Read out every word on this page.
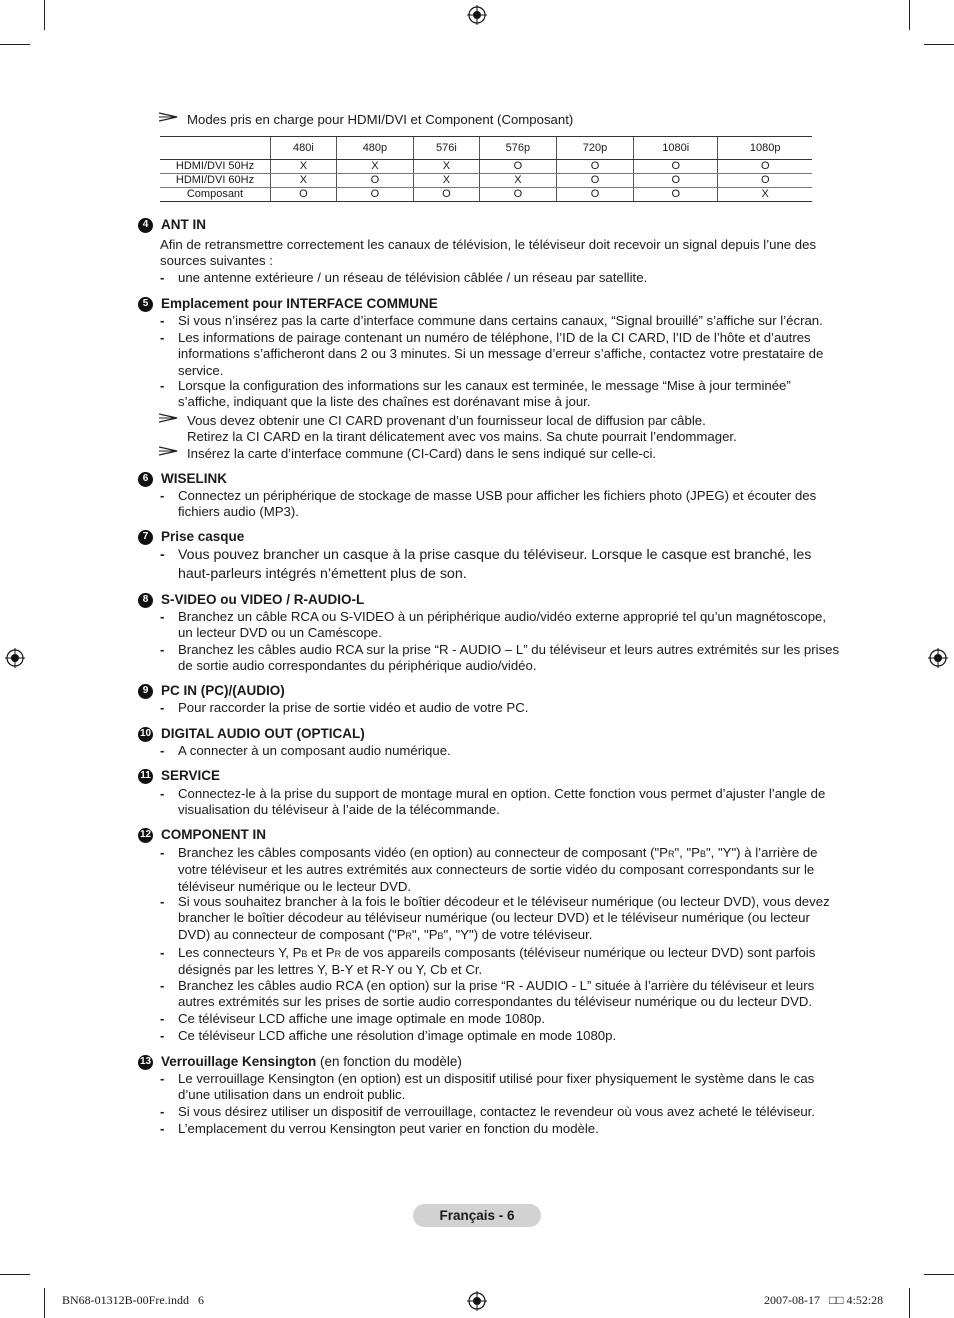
Modes pris en charge pour HDMI/DVI et Component (Composant)
	480i	480p	576i	576p	720p	1080i	1080p
HDMI/DVI 50Hz	X	X	X	O	O	O	O
HDMI/DVI 60Hz	X	O	X	X	O	O	O
Composant	O	O	O	O	O	O	X
4 ANT IN
Afin de retransmettre correctement les canaux de télévision, le téléviseur doit recevoir un signal depuis l’une des sources suivantes :
-	une antenne extérieure / un réseau de télévision câblée / un réseau par satellite.
5 Emplacement pour INTERFACE COMMUNE
-	Si vous n’insérez pas la carte d’interface commune dans certains canaux, “Signal brouillé” s’affiche sur l’écran.
-	Les informations de pairage contenant un numéro de téléphone, l’ID de la CI CARD, l’ID de l’hôte et d’autres informations s’afficheront dans 2 ou 3 minutes. Si un message d’erreur s’affiche, contactez votre prestataire de service.
-	Lorsque la configuration des informations sur les canaux est terminée, le message “Mise à jour terminée” s’affiche, indiquant que la liste des chaînes est dorénavant mise à jour.
Vous devez obtenir une CI CARD provenant d’un fournisseur local de diffusion par câble.
Retirez la CI CARD en la tirant délicatement avec vos mains. Sa chute pourrait l’endommager.
Insérez la carte d’interface commune (CI-Card) dans le sens indiqué sur celle-ci.
6 WISELINK
-	Connectez un périphérique de stockage de masse USB pour afficher les fichiers photo (JPEG) et écouter des fichiers audio (MP3).
7 Prise casque
- Vous pouvez brancher un casque à la prise casque du téléviseur. Lorsque le casque est branché, les haut-parleurs intégrés n’émettent plus de son.
8 S-VIDEO ou VIDEO / R-AUDIO-L
-	Branchez un câble RCA ou S-VIDEO à un périphérique audio/vidéo externe approprié tel qu’un magnétoscope, un lecteur DVD ou un Caméscope.
-	Branchez les câbles audio RCA sur la prise “R - AUDIO – L” du téléviseur et leurs autres extrémités sur les prises de sortie audio correspondantes du périphérique audio/vidéo.
9 PC IN (PC)/(AUDIO)
-	Pour raccorder la prise de sortie vidéo et audio de votre PC.
10 DIGITAL AUDIO OUT (OPTICAL)
-	A connecter à un composant audio numérique.
11 SERVICE
-	Connectez-le à la prise du support de montage mural en option. Cette fonction vous permet d’ajuster l’angle de visualisation du téléviseur à l’aide de la télécommande.
12 COMPONENT IN
-	Branchez les câbles composants vidéo (en option) au connecteur de composant ("PR", "PB", "Y") à l’arrière de votre téléviseur et les autres extrémités aux connecteurs de sortie vidéo du composant correspondants sur le téléviseur numérique ou le lecteur DVD.
-	Si vous souhaitez brancher à la fois le boîtier décodeur et le téléviseur numérique (ou lecteur DVD), vous devez brancher le boîtier décodeur au téléviseur numérique (ou lecteur DVD) et le téléviseur numérique (ou lecteur DVD) au connecteur de composant ("PR", "PB", "Y") de votre téléviseur.
-	Les connecteurs Y, PB et PR de vos appareils composants (téléviseur numérique ou lecteur DVD) sont parfois désignés par les lettres Y, B-Y et R-Y ou Y, Cb et Cr.
-	Branchez les câbles audio RCA (en option) sur la prise “R - AUDIO - L” située à l’arrière du téléviseur et leurs autres extrémités sur les prises de sortie audio correspondantes du téléviseur numérique ou du lecteur DVD.
-	Ce téléviseur LCD affiche une image optimale en mode 1080p.
-	Ce téléviseur LCD affiche une résolution d’image optimale en mode 1080p.
13 Verrouillage Kensington (en fonction du modèle)
-	Le verrouillage Kensington (en option) est un dispositif utilisé pour fixer physiquement le système dans le cas d’une utilisation dans un endroit public.
-	Si vous désirez utiliser un dispositif de verrouillage, contactez le revendeur où vous avez acheté le téléviseur.
-	L’emplacement du verrou Kensington peut varier en fonction du modèle.
Français - 6
BN68-01312B-00Fre.indd   6	2007-08-17   □□ 4:52:28
